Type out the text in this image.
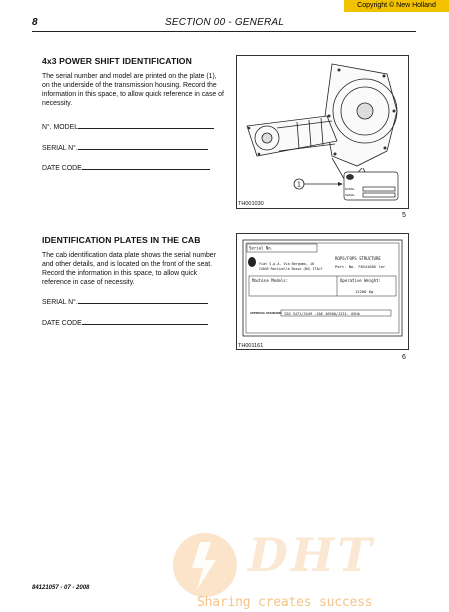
Copyright © New Holland
8	SECTION 00 - GENERAL
4x3 POWER SHIFT IDENTIFICATION
The serial number and model are printed on the plate (1), on the underside of the transmission housing. Record the information in this space, to allow quick reference in case of necessity.
N°. MODEL
SERIAL N°.
DATE CODE
MODEL
SERIAL
1
TH001030
5
IDENTIFICATION PLATES IN THE CAB
The cab identification data plate shows the serial number and other details, and is located on the front of the seat. Record the information in this space, to allow quick reference in case of necessity.
SERIAL N°.
DATE CODE
Serial No.
Fiat S.p.A. Via Bergamo, 16
24049 Ponticelle Rosse (BG) ITALY
ROPS/FOPS STRUCTURE
Part. No. 73641005 ler
Machine Models:	Operative Weight:
12200 Kg
APPROVAL STANDARD ISO 3471/3449 -SAE J6900/J231- OSHA
TH001161
6
DHT
Sharing creates success
84121057 - 07 - 2008
